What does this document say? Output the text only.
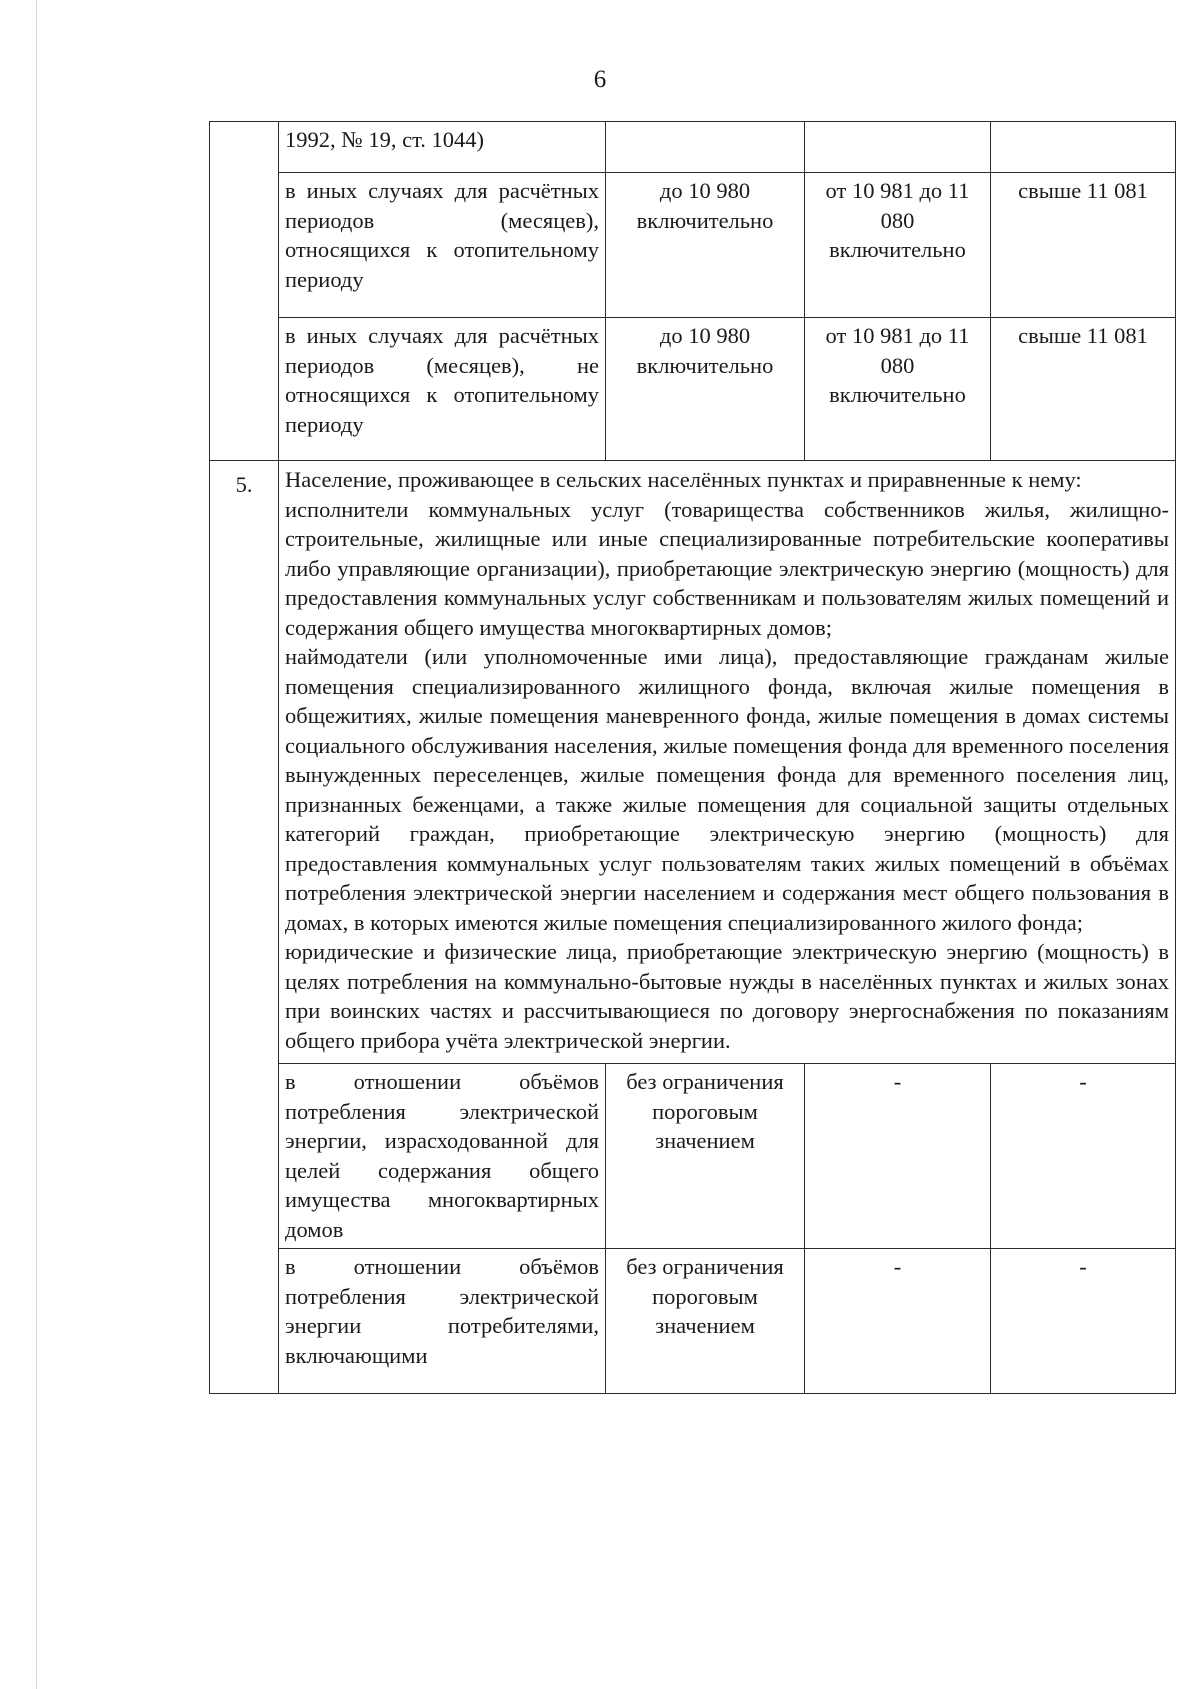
6
	1992, № 19, ст. 1044)			
	в иных случаях для расчётных периодов (месяцев), относящихся к отопительному периоду	до 10 980 включительно	от 10 981 до 11 080 включительно	свыше 11 081
	в иных случаях для расчётных периодов (месяцев), не относящихся к отопительному периоду	до 10 980 включительно	от 10 981 до 11 080 включительно	свыше 11 081
5.	Население, проживающее в сельских населённых пунктах и приравненные к нему:
исполнители коммунальных услуг (товарищества собственников жилья, жилищно-строительные, жилищные или иные специализированные потребительские кооперативы либо управляющие организации), приобретающие электрическую энергию (мощность) для предоставления коммунальных услуг собственникам и пользователям жилых помещений и содержания общего имущества многоквартирных домов;
наймодатели (или уполномоченные ими лица), предоставляющие гражданам жилые помещения специализированного жилищного фонда, включая жилые помещения в общежитиях, жилые помещения маневренного фонда, жилые помещения в домах системы социального обслуживания населения, жилые помещения фонда для временного поселения вынужденных переселенцев, жилые помещения фонда для временного поселения лиц, признанных беженцами, а также жилые помещения для социальной защиты отдельных категорий граждан, приобретающие электрическую энергию (мощность) для предоставления коммунальных услуг пользователям таких жилых помещений в объёмах потребления электрической энергии населением и содержания мест общего пользования в домах, в которых имеются жилые помещения специализированного жилого фонда;
юридические и физические лица, приобретающие электрическую энергию (мощность) в целях потребления на коммунально-бытовые нужды в населённых пунктах и жилых зонах при воинских частях и рассчитывающиеся по договору энергоснабжения по показаниям общего прибора учёта электрической энергии.			

	в отношении объёмов потребления электрической энергии, израсходованной для целей содержания общего имущества многоквартирных домов	без ограничения пороговым значением	-	-
	в отношении объёмов потребления электрической энергии потребителями, включающими	без ограничения пороговым значением	-	-
